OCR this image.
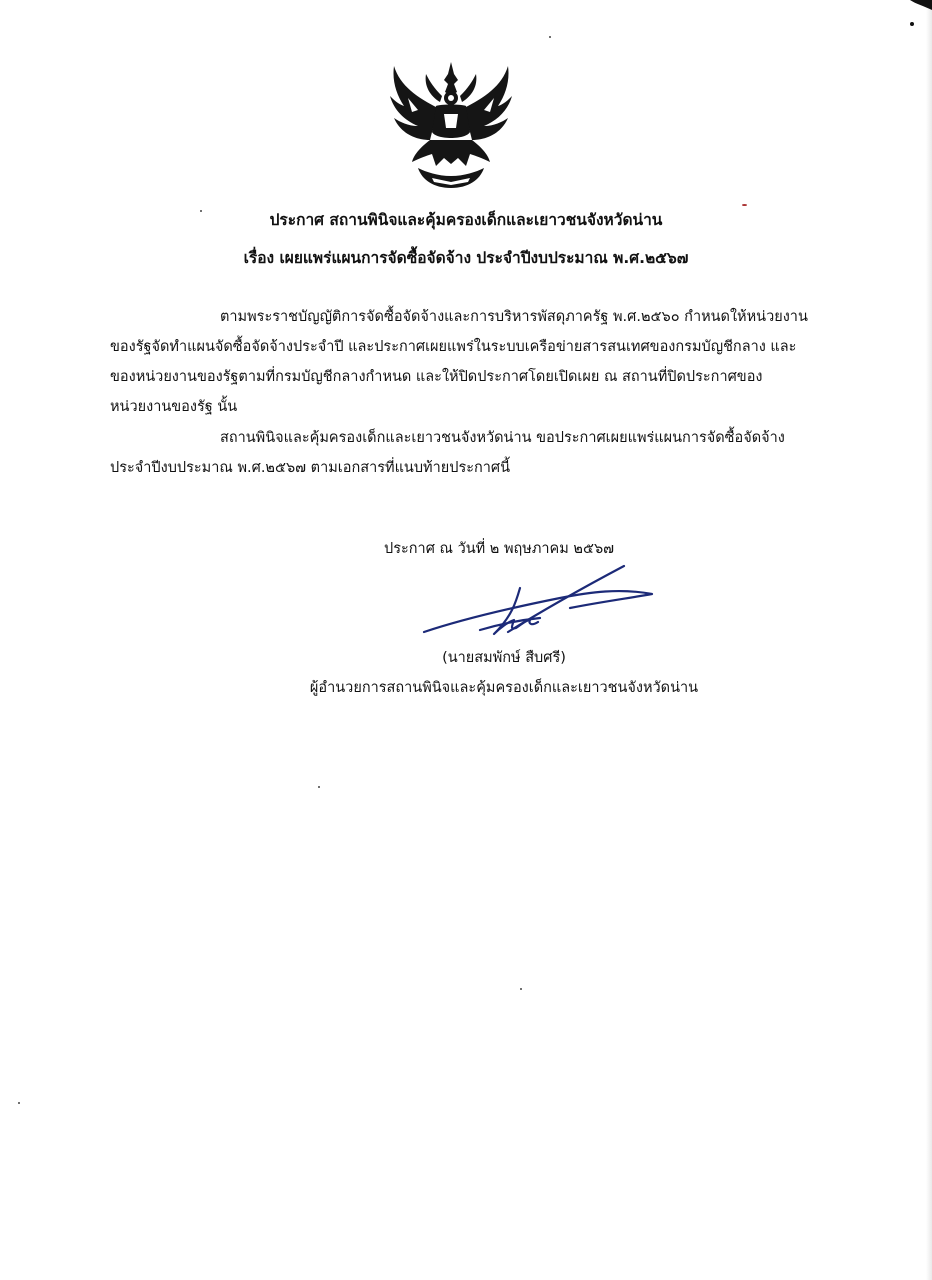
ประกาศ สถานพินิจและคุ้มครองเด็กและเยาวชนจังหวัดน่าน
เรื่อง เผยแพร่แผนการจัดซื้อจัดจ้าง ประจำปีงบประมาณ พ.ศ.๒๕๖๗
ตามพระราชบัญญัติการจัดซื้อจัดจ้างและการบริหารพัสดุภาครัฐ พ.ศ.๒๕๖๐ กำหนดให้หน่วยงาน
ของรัฐจัดทำแผนจัดซื้อจัดจ้างประจำปี และประกาศเผยแพร่ในระบบเครือข่ายสารสนเทศของกรมบัญชีกลาง และ
ของหน่วยงานของรัฐตามที่กรมบัญชีกลางกำหนด และให้ปิดประกาศโดยเปิดเผย ณ สถานที่ปิดประกาศของ
หน่วยงานของรัฐ นั้น
สถานพินิจและคุ้มครองเด็กและเยาวชนจังหวัดน่าน ขอประกาศเผยแพร่แผนการจัดซื้อจัดจ้าง
ประจำปีงบประมาณ พ.ศ.๒๕๖๗ ตามเอกสารที่แนบท้ายประกาศนี้
ประกาศ ณ วันที่ ๒ พฤษภาคม ๒๕๖๗
(นายสมพักษ์ สืบศรี)
ผู้อำนวยการสถานพินิจและคุ้มครองเด็กและเยาวชนจังหวัดน่าน
